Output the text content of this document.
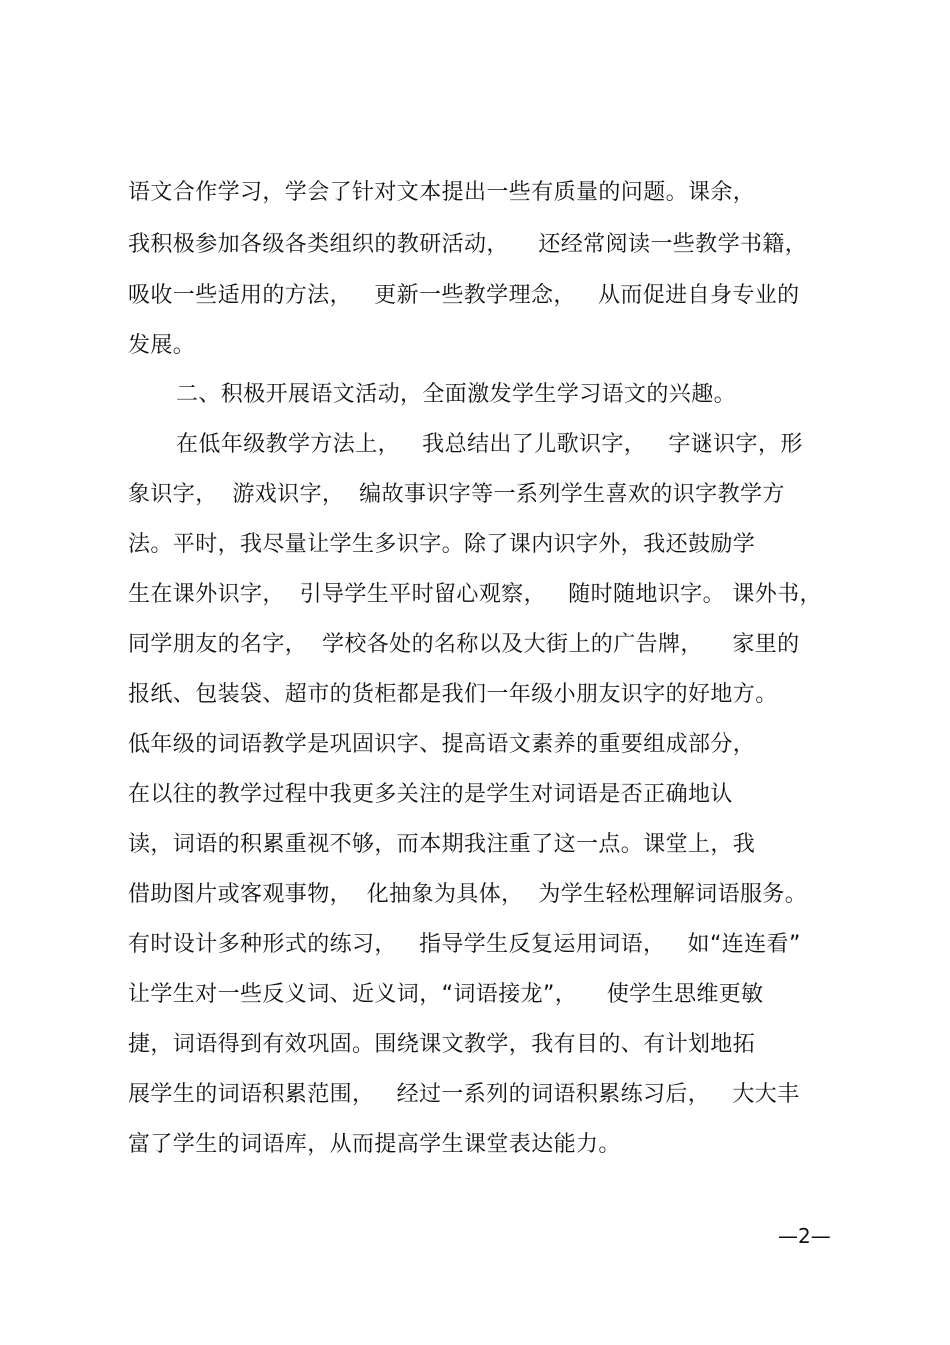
语文合作学习，学会了针对文本提出一些有质量的问题。课余，
我积极参加各级各类组织的教研活动，    还经常阅读一些教学书籍，
吸收一些适用的方法，   更新一些教学理念，   从而促进自身专业的
发展。
二、积极开展语文活动，全面激发学生学习语文的兴趣。
在低年级教学方法上，   我总结出了儿歌识字，   字谜识字，形
象识字，  游戏识字，  编故事识字等一系列学生喜欢的识字教学方
法。平时，我尽量让学生多识字。除了课内识字外，我还鼓励学
生在课外识字，  引导学生平时留心观察，   随时随地识字。 课外书，
同学朋友的名字，  学校各处的名称以及大街上的广告牌，    家里的
报纸、包装袋、超市的货柜都是我们一年级小朋友识字的好地方。
低年级的词语教学是巩固识字、提高语文素养的重要组成部分，
在以往的教学过程中我更多关注的是学生对词语是否正确地认
读，词语的积累重视不够，而本期我注重了这一点。课堂上，我
借助图片或客观事物，  化抽象为具体，  为学生轻松理解词语服务。
有时设计多种形式的练习，   指导学生反复运用词语，   如“连连看”
让学生对一些反义词、近义词，“词语接龙”，    使学生思维更敏
捷，词语得到有效巩固。围绕课文教学，我有目的、有计划地拓
展学生的词语积累范围，   经过一系列的词语积累练习后，   大大丰
富了学生的词语库，从而提高学生课堂表达能力。
—2—
